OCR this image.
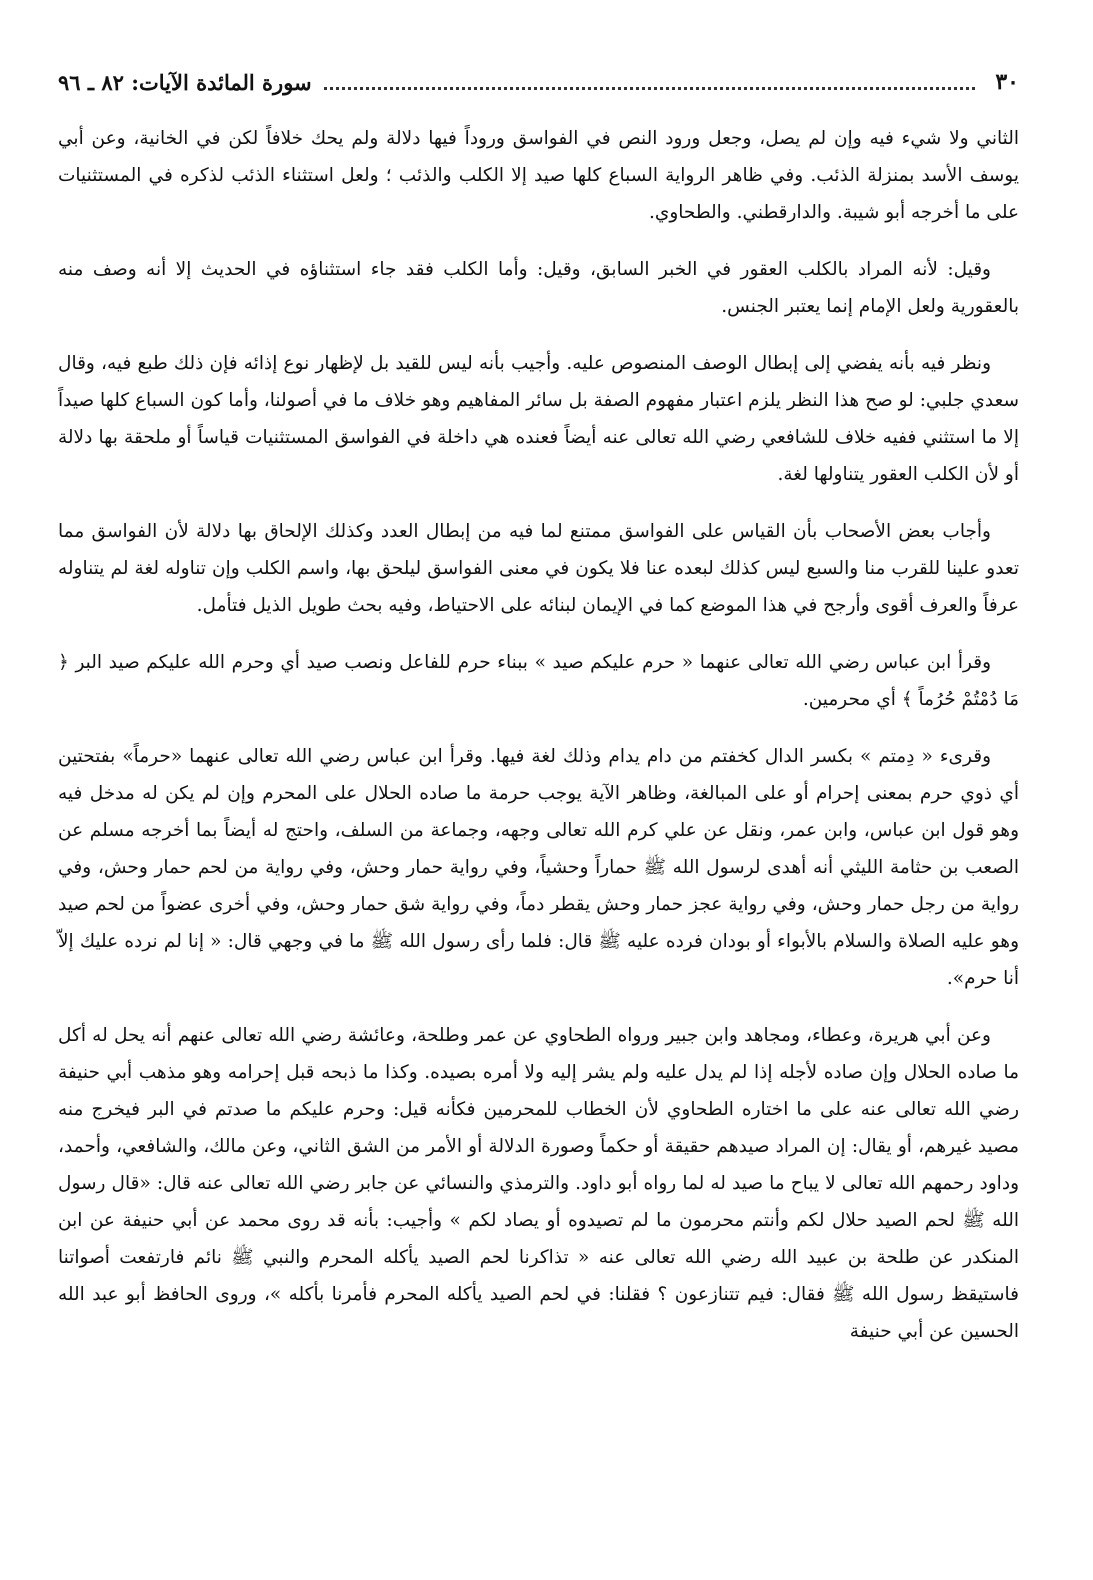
٣٠
سورة المائدة الآيات: ٨٢ ـ ٩٦

الثاني ولا شيء فيه وإن لم يصل، وجعل ورود النص في الفواسق وروداً فيها دلالة ولم يحك خلافاً لكن في الخانية، وعن أبي يوسف الأسد بمنزلة الذئب. وفي ظاهر الرواية السباع كلها صيد إلا الكلب والذئب ؛ ولعل استثناء الذئب لذكره في المستثنيات على ما أخرجه أبو شيبة. والدارقطني. والطحاوي.

وقيل: لأنه المراد بالكلب العقور في الخبر السابق، وقيل: وأما الكلب فقد جاء استثناؤه في الحديث إلا أنه وصف منه بالعقورية ولعل الإمام إنما يعتبر الجنس.

ونظر فيه بأنه يفضي إلى إبطال الوصف المنصوص عليه. وأجيب بأنه ليس للقيد بل لإظهار نوع إذائه فإن ذلك طبع فيه، وقال سعدي جلبي: لو صح هذا النظر يلزم اعتبار مفهوم الصفة بل سائر المفاهيم وهو خلاف ما في أصولنا، وأما كون السباع كلها صيداً إلا ما استثني ففيه خلاف للشافعي رضي الله تعالى عنه أيضاً فعنده هي داخلة في الفواسق المستثنيات قياساً أو ملحقة بها دلالة أو لأن الكلب العقور يتناولها لغة.

وأجاب بعض الأصحاب بأن القياس على الفواسق ممتنع لما فيه من إبطال العدد وكذلك الإلحاق بها دلالة لأن الفواسق مما تعدو علينا للقرب منا والسبع ليس كذلك لبعده عنا فلا يكون في معنى الفواسق ليلحق بها، واسم الكلب وإن تناوله لغة لم يتناوله عرفاً والعرف أقوى وأرجح في هذا الموضع كما في الإيمان لبنائه على الاحتياط، وفيه بحث طويل الذيل فتأمل.

وقرأ ابن عباس رضي الله تعالى عنهما « حرم عليكم صيد » ببناء حرم للفاعل ونصب صيد أي وحرم الله عليكم صيد البر ﴿ مَا دُمْتُمْ حُرُماً ﴾ أي محرمين.

وقرىء « دِمتم » بكسر الدال كخفتم من دام يدام وذلك لغة فيها. وقرأ ابن عباس رضي الله تعالى عنهما «حرماً» بفتحتين أي ذوي حرم بمعنى إحرام أو على المبالغة، وظاهر الآية يوجب حرمة ما صاده الحلال على المحرم وإن لم يكن له مدخل فيه وهو قول ابن عباس، وابن عمر، ونقل عن علي كرم الله تعالى وجهه، وجماعة من السلف، واحتج له أيضاً بما أخرجه مسلم عن الصعب بن حثامة الليثي أنه أهدى لرسول الله ﷺ حماراً وحشياً، وفي رواية حمار وحش، وفي رواية من لحم حمار وحش، وفي رواية من رجل حمار وحش، وفي رواية عجز حمار وحش يقطر دماً، وفي رواية شق حمار وحش، وفي أخرى عضواً من لحم صيد وهو عليه الصلاة والسلام بالأبواء أو بودان فرده عليه ﷺ قال: فلما رأى رسول الله ﷺ ما في وجهي قال: « إنا لم نرده عليك إلاّ أنا حرم».

وعن أبي هريرة، وعطاء، ومجاهد وابن جبير ورواه الطحاوي عن عمر وطلحة، وعائشة رضي الله تعالى عنهم أنه يحل له أكل ما صاده الحلال وإن صاده لأجله إذا لم يدل عليه ولم يشر إليه ولا أمره بصيده. وكذا ما ذبحه قبل إحرامه وهو مذهب أبي حنيفة رضي الله تعالى عنه على ما اختاره الطحاوي لأن الخطاب للمحرمين فكأنه قيل: وحرم عليكم ما صدتم في البر فيخرج منه مصيد غيرهم، أو يقال: إن المراد صيدهم حقيقة أو حكماً وصورة الدلالة أو الأمر من الشق الثاني، وعن مالك، والشافعي، وأحمد، وداود رحمهم الله تعالى لا يباح ما صيد له لما رواه أبو داود. والترمذي والنسائي عن جابر رضي الله تعالى عنه قال: «قال رسول الله ﷺ لحم الصيد حلال لكم وأنتم محرمون ما لم تصيدوه أو يصاد لكم » وأجيب: بأنه قد روى محمد عن أبي حنيفة عن ابن المنكدر عن طلحة بن عبيد الله رضي الله تعالى عنه « تذاكرنا لحم الصيد يأكله المحرم والنبي ﷺ نائم فارتفعت أصواتنا فاستيقظ رسول الله ﷺ فقال: فيم تتنازعون ؟ فقلنا: في لحم الصيد يأكله المحرم فأمرنا بأكله »، وروى الحافظ أبو عبد الله الحسين عن أبي حنيفة
